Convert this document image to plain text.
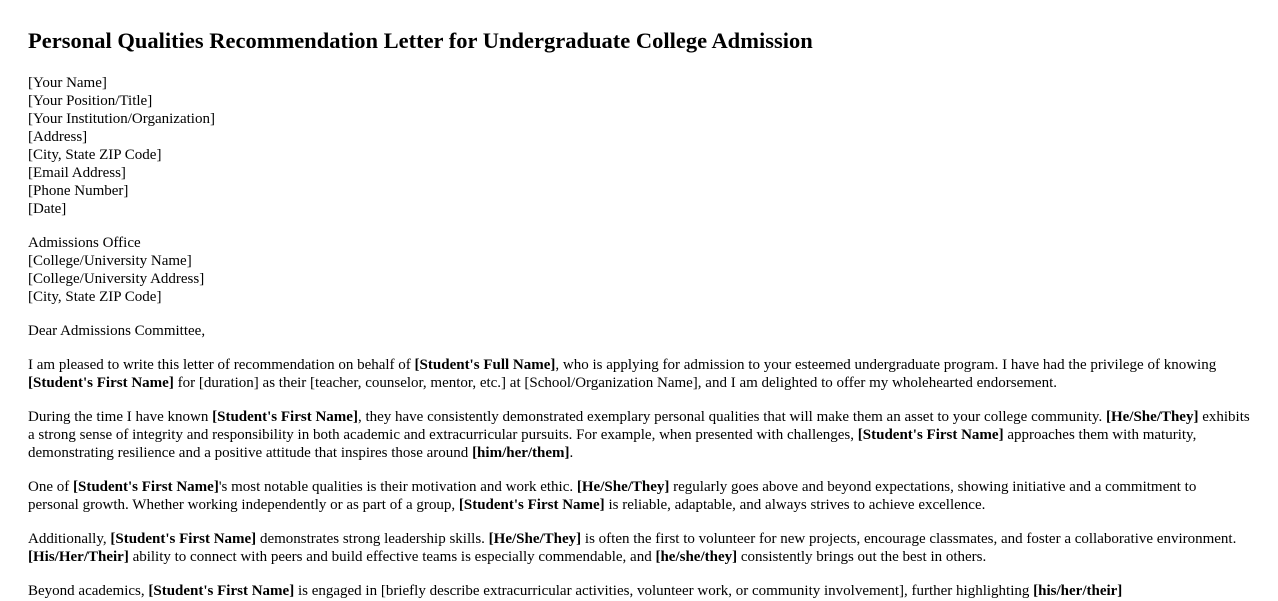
Personal Qualities Recommendation Letter for Undergraduate College Admission
[Your Name]
[Your Position/Title]
[Your Institution/Organization]
[Address]
[City, State ZIP Code]
[Email Address]
[Phone Number]
[Date]
Admissions Office
[College/University Name]
[College/University Address]
[City, State ZIP Code]
Dear Admissions Committee,

I am pleased to write this letter of recommendation on behalf of [Student's Full Name], who is applying for admission to your esteemed undergraduate program. I have had the privilege of knowing [Student's First Name] for [duration] as their [teacher, counselor, mentor, etc.] at [School/Organization Name], and I am delighted to offer my wholehearted endorsement.

During the time I have known [Student's First Name], they have consistently demonstrated exemplary personal qualities that will make them an asset to your college community. [He/She/They] exhibits a strong sense of integrity and responsibility in both academic and extracurricular pursuits. For example, when presented with challenges, [Student's First Name] approaches them with maturity, demonstrating resilience and a positive attitude that inspires those around [him/her/them].

One of [Student's First Name]'s most notable qualities is their motivation and work ethic. [He/She/They] regularly goes above and beyond expectations, showing initiative and a commitment to personal growth. Whether working independently or as part of a group, [Student's First Name] is reliable, adaptable, and always strives to achieve excellence.

Additionally, [Student's First Name] demonstrates strong leadership skills. [He/She/They] is often the first to volunteer for new projects, encourage classmates, and foster a collaborative environment. [His/Her/Their] ability to connect with peers and build effective teams is especially commendable, and [he/she/they] consistently brings out the best in others.

Beyond academics, [Student's First Name] is engaged in [briefly describe extracurricular activities, volunteer work, or community involvement], further highlighting [his/her/their]
